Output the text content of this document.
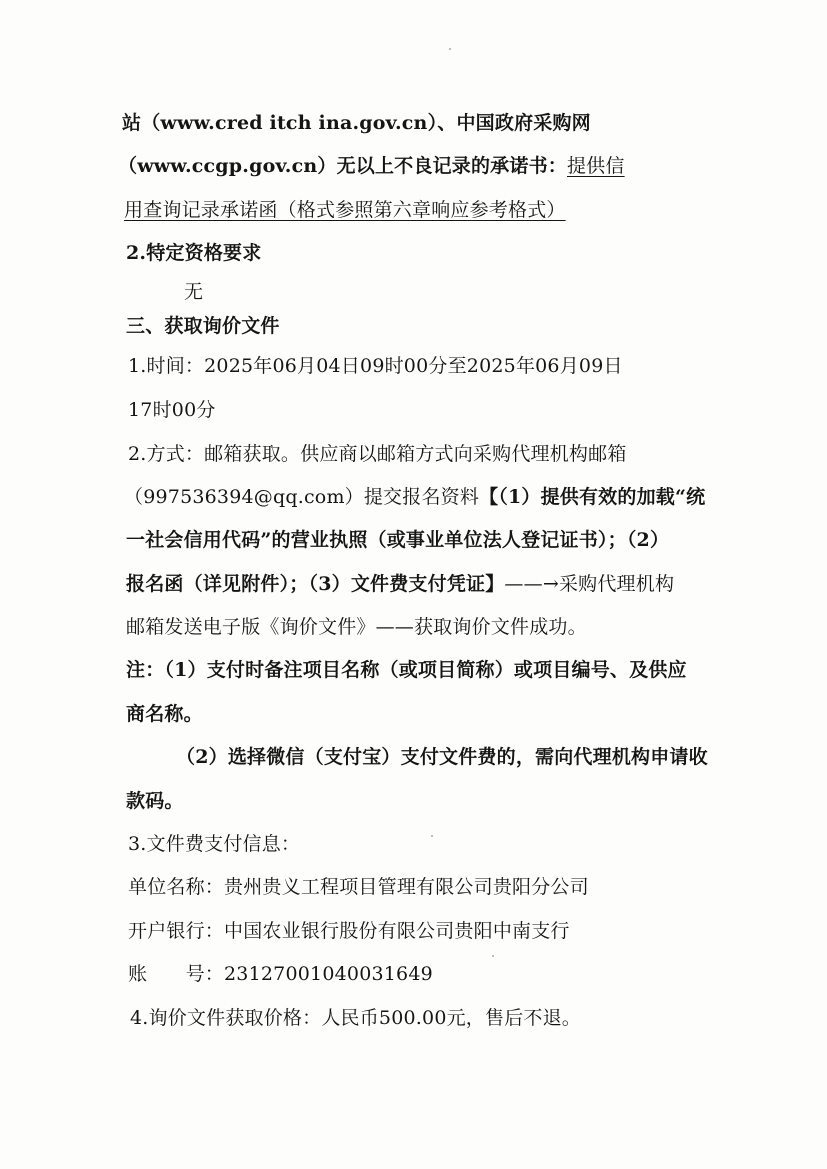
站（www.cred itch ina.gov.cn）、中国政府采购网
（www.ccgp.gov.cn）无以上不良记录的承诺书：提供信
用查询记录承诺函（格式参照第六章响应参考格式）
2.特定资格要求
无
三、获取询价文件
1.时间：2025年06月04日09时00分至2025年06月09日
17时00分
2.方式：邮箱获取。供应商以邮箱方式向采购代理机构邮箱
（997536394@qq.com）提交报名资料【（1）提供有效的加载“统
一社会信用代码”的营业执照（或事业单位法人登记证书）；（2）
报名函（详见附件）；（3）文件费支付凭证】——→采购代理机构
邮箱发送电子版《询价文件》——获取询价文件成功。
注：（1）支付时备注项目名称（或项目简称）或项目编号、及供应
商名称。
（2）选择微信（支付宝）支付文件费的，需向代理机构申请收
款码。
3.文件费支付信息：
单位名称：贵州贵义工程项目管理有限公司贵阳分公司
开户银行：中国农业银行股份有限公司贵阳中南支行
账　　号：23127001040031649
4.询价文件获取价格：人民币500.00元，售后不退。
